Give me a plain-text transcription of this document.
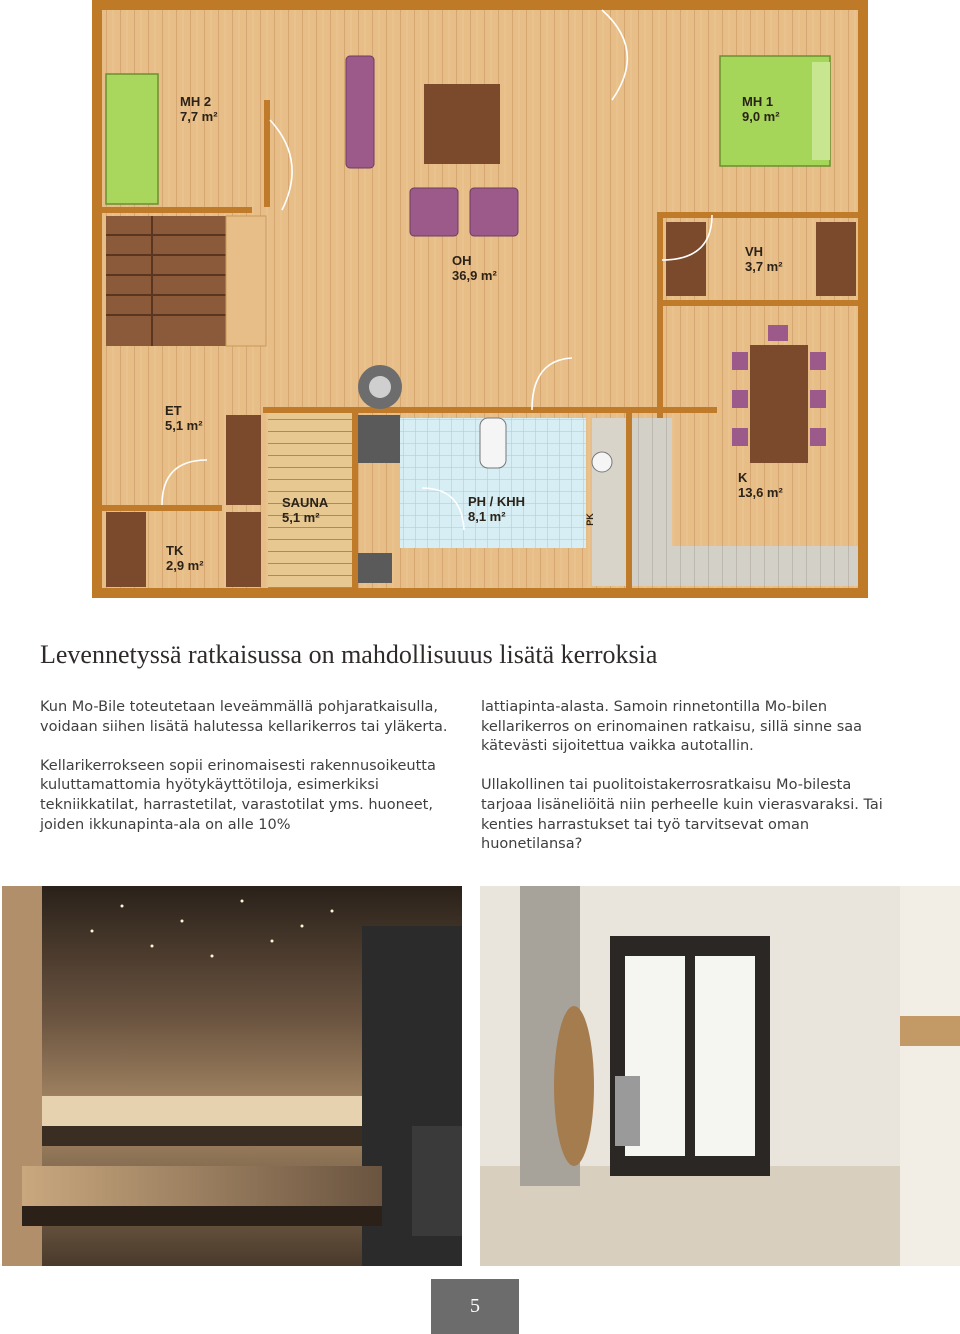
MH 2
7,7 m²
MH 1
9,0 m²
OH
36,9 m²
VH
3,7 m²
ET
5,1 m²
SAUNA
5,1 m²
PH / KHH
8,1 m²
K
13,6 m²
TK
2,9 m²
PK
Levennetyssä ratkaisussa on mahdollisuuus lisätä kerroksia

Kun Mo-Bile toteutetaan leveämmällä pohjaratkaisulla, voidaan siihen lisätä halutessa kellarikerros tai yläkerta.

Kellarikerrokseen sopii erinomaisesti rakennusoikeutta kuluttamattomia hyötykäyttötiloja, esimerkiksi tekniikkatilat, harrastetilat, varastotilat yms. huoneet, joiden ikkunapinta-ala on alle 10%

lattiapinta-alasta. Samoin rinnetontilla Mo-bilen kellarikerros on erinomainen ratkaisu, sillä sinne saa kätevästi sijoitettua vaikka autotallin.

Ullakollinen tai puolitoistakerrosratkaisu Mo-bilesta tarjoaa lisäneliöitä niin perheelle kuin vierasvaraksi. Tai kenties harrastukset tai työ tarvitsevat oman huonetilansa?

5
